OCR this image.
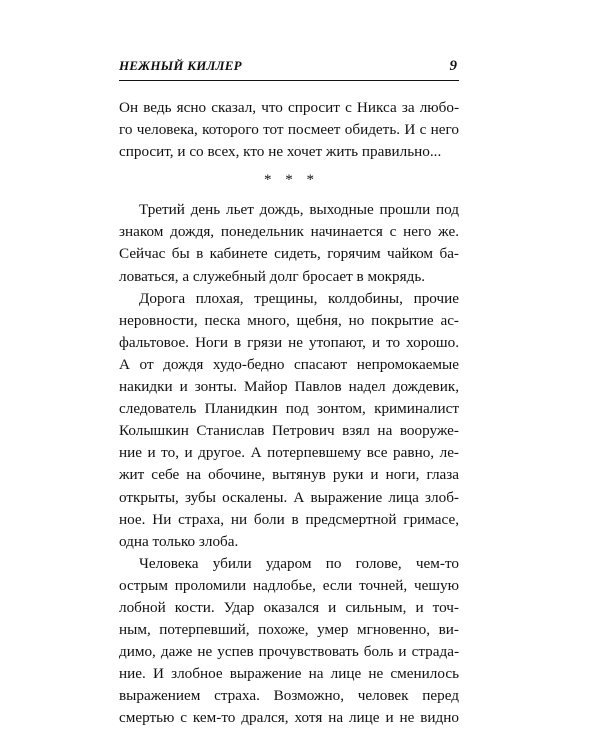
НЕЖНЫЙ КИЛЛЕР	9
Он ведь ясно сказал, что спросит с Никса за любо-
го человека, которого тот посмеет обидеть. И с него
спросит, и со всех, кто не хочет жить правильно...
* * *
Третий день льет дождь, выходные прошли под
знаком дождя, понедельник начинается с него же.
Сейчас бы в кабинете сидеть, горячим чайком ба-
ловаться, а служебный долг бросает в мокрядь.
Дорога плохая, трещины, колдобины, прочие
неровности, песка много, щебня, но покрытие ас-
фальтовое. Ноги в грязи не утопают, и то хорошо.
А от дождя худо-бедно спасают непромокаемые
накидки и зонты. Майор Павлов надел дождевик,
следователь Планидкин под зонтом, криминалист
Колышкин Станислав Петрович взял на вооруже-
ние и то, и другое. А потерпевшему все равно, ле-
жит себе на обочине, вытянув руки и ноги, глаза
открыты, зубы оскалены. А выражение лица злоб-
ное. Ни страха, ни боли в предсмертной гримасе,
одна только злоба.
Человека убили ударом по голове, чем-то
острым проломили надлобье, если точней, чешую
лобной кости. Удар оказался и сильным, и точ-
ным, потерпевший, похоже, умер мгновенно, ви-
димо, даже не успев прочувствовать боль и страда-
ние. И злобное выражение на лице не сменилось
выражением страха. Возможно, человек перед
смертью с кем-то дрался, хотя на лице и не видно
